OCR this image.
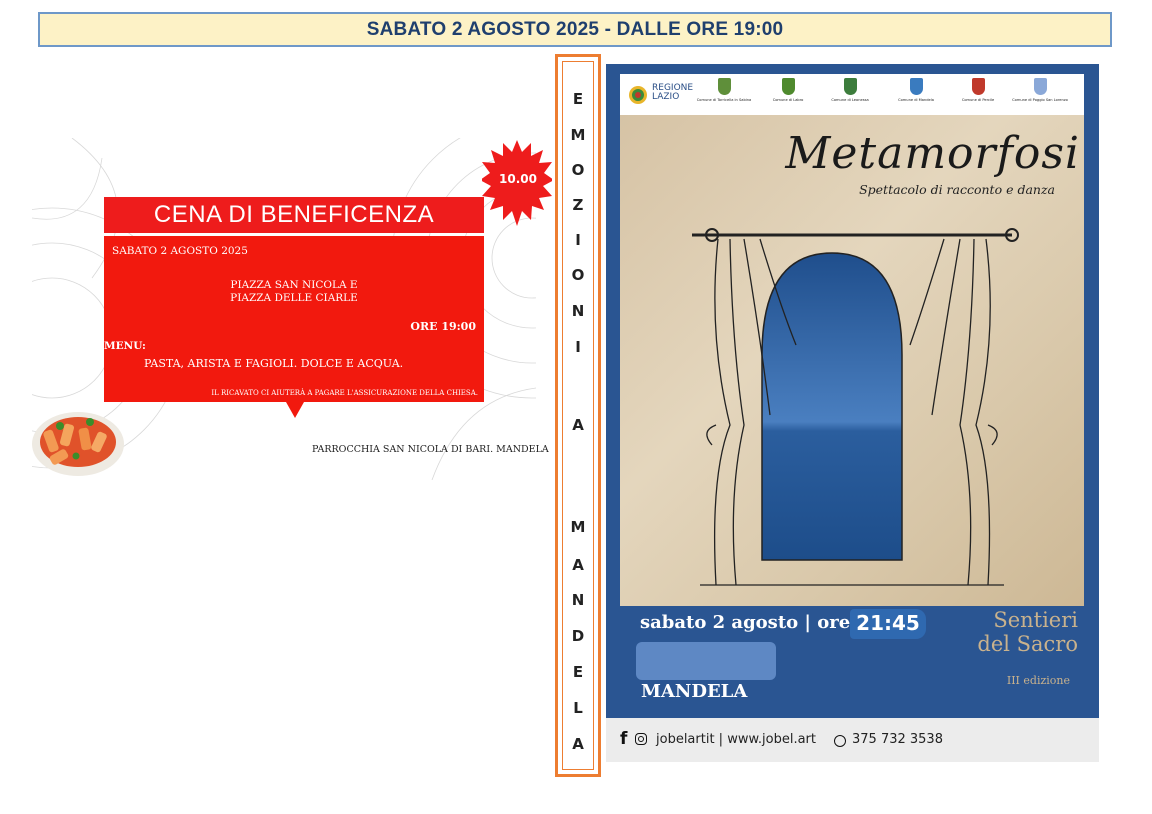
SABATO 2 AGOSTO 2025 - DALLE ORE 19:00
E
M
O
Z
I
O
N
I
A
M
A
N
D
E
L
A
10.00
CENA DI BENEFICENZA
SABATO 2 AGOSTO 2025
PIAZZA SAN NICOLA E
PIAZZA DELLE CIARLE
ORE 19:00
MENU:
PASTA, ARISTA E FAGIOLI. DOLCE E ACQUA.
IL RICAVATO CI AIUTERÀ A PAGARE L'ASSICURAZIONE DELLA CHIESA.
PARROCCHIA SAN NICOLA DI BARI. MANDELA
REGIONE
LAZIO	Comune di Torricella in Sabina	Comune di Labro	Comune di Leonessa	Comune di Mandela	Comune di Percile	Comune di Poggio San Lorenzo
Metamorfosi
Spettacolo di racconto e danza
sabato 2 agosto | ore 21:45
MANDELA
Sentieri
del Sacro
III edizione
f jobelartit | www.jobel.art	375 732 3538
